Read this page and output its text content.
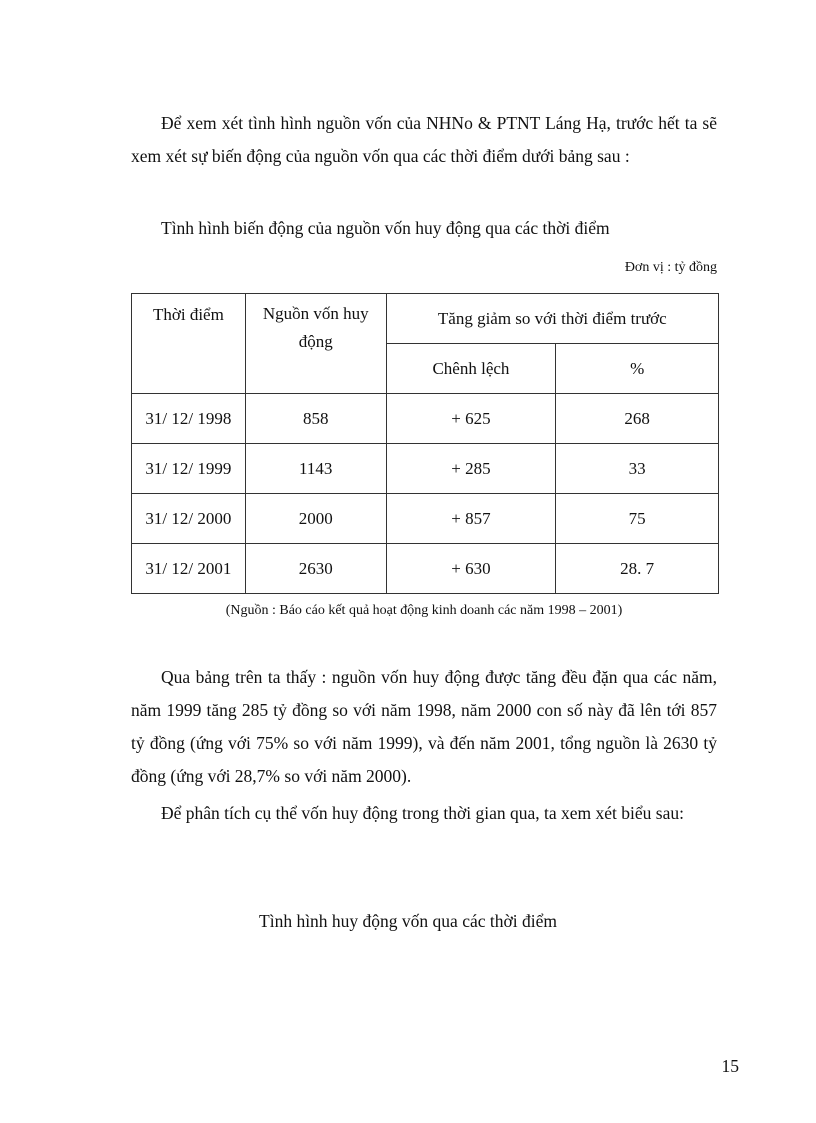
Để xem xét tình hình nguồn vốn của NHNo & PTNT Láng Hạ, trước hết ta sẽ xem xét sự biến động của nguồn vốn qua các thời điểm dưới bảng sau :

Tình hình biến động của nguồn vốn huy động qua các thời điểm

Đơn vị : tỷ đồng

Thời điểm	Nguồn vốn huy động	Tăng giảm so với thời điểm trước	
		Chênh lệch	%
31/ 12/ 1998	858	+ 625	268
31/ 12/ 1999	1143	+ 285	33
31/ 12/ 2000	2000	+ 857	75
31/ 12/ 2001	2630	+ 630	28. 7

(Nguồn : Báo cáo kết quả hoạt động kinh doanh các năm 1998 – 2001)

Qua bảng trên ta thấy : nguồn vốn huy động được tăng đều đặn qua các năm, năm 1999 tăng 285 tỷ đồng so với năm 1998, năm 2000 con số này đã lên tới 857 tỷ đồng (ứng với 75% so với năm 1999), và đến năm 2001, tổng nguồn là 2630 tỷ đồng (ứng với 28,7% so với năm 2000).

Để phân tích cụ thể vốn huy động trong thời gian qua, ta xem xét biểu sau:

Tình hình huy động vốn qua các thời điểm

15
